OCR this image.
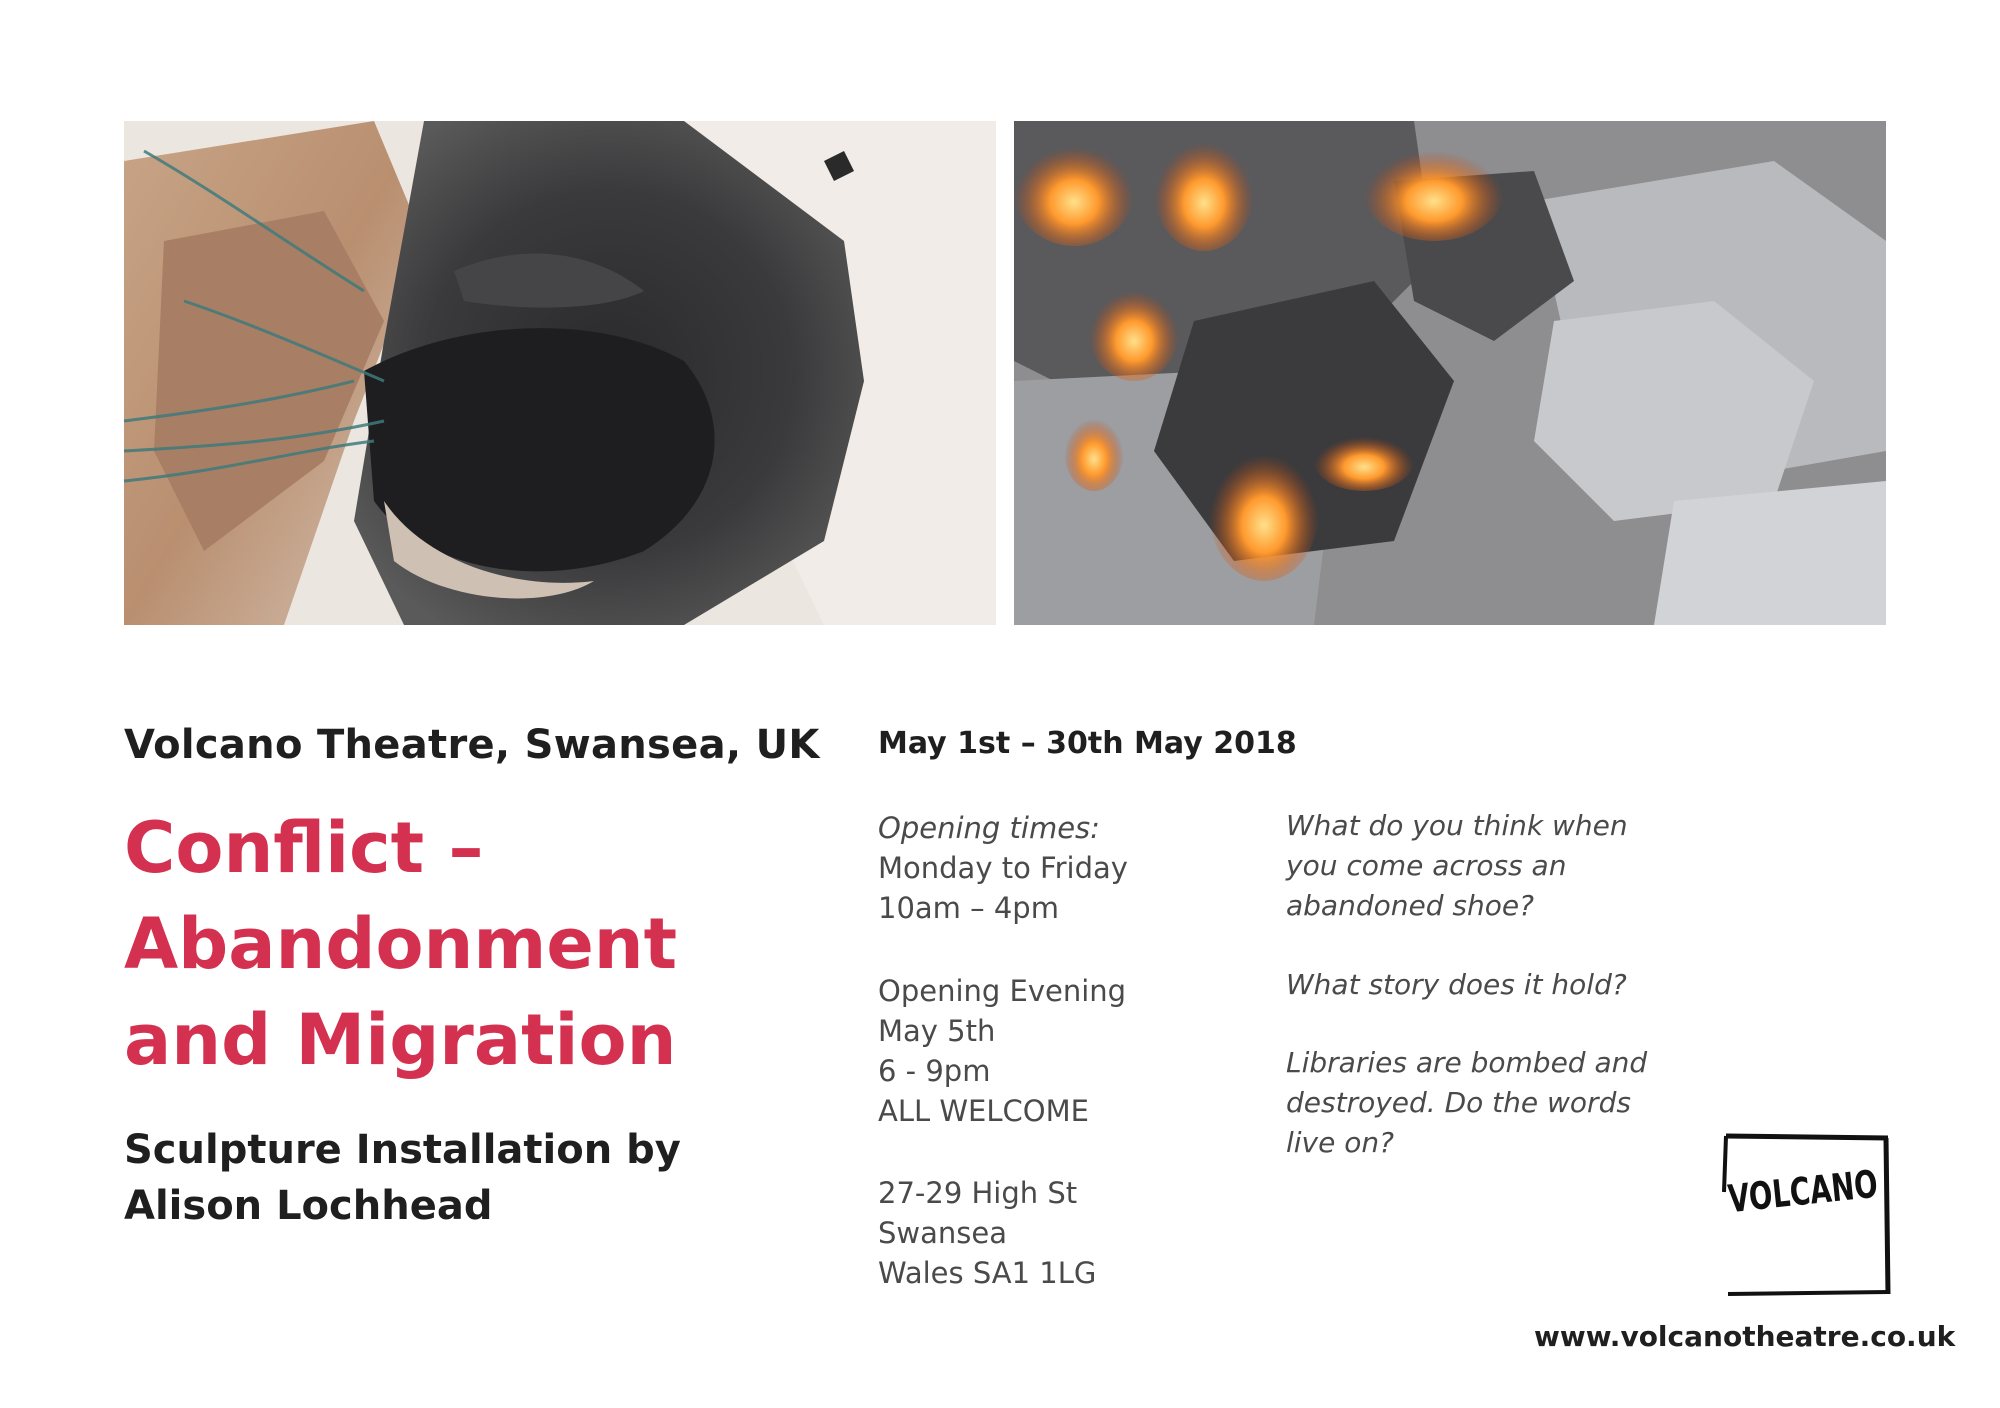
Volcano Theatre, Swansea, UK
Conflict –
Abandonment
and Migration
Sculpture Installation by
Alison Lochhead
May 1st – 30th May 2018
Opening times:
Monday to Friday
10am – 4pm
Opening Evening
May 5th
6 - 9pm
ALL WELCOME
27-29 High St
Swansea
Wales SA1 1LG
What do you think when
you come across an
abandoned shoe?
What story does it hold?
Libraries are bombed and
destroyed. Do the words
live on?
VOLCANO
www.volcanotheatre.co.uk
